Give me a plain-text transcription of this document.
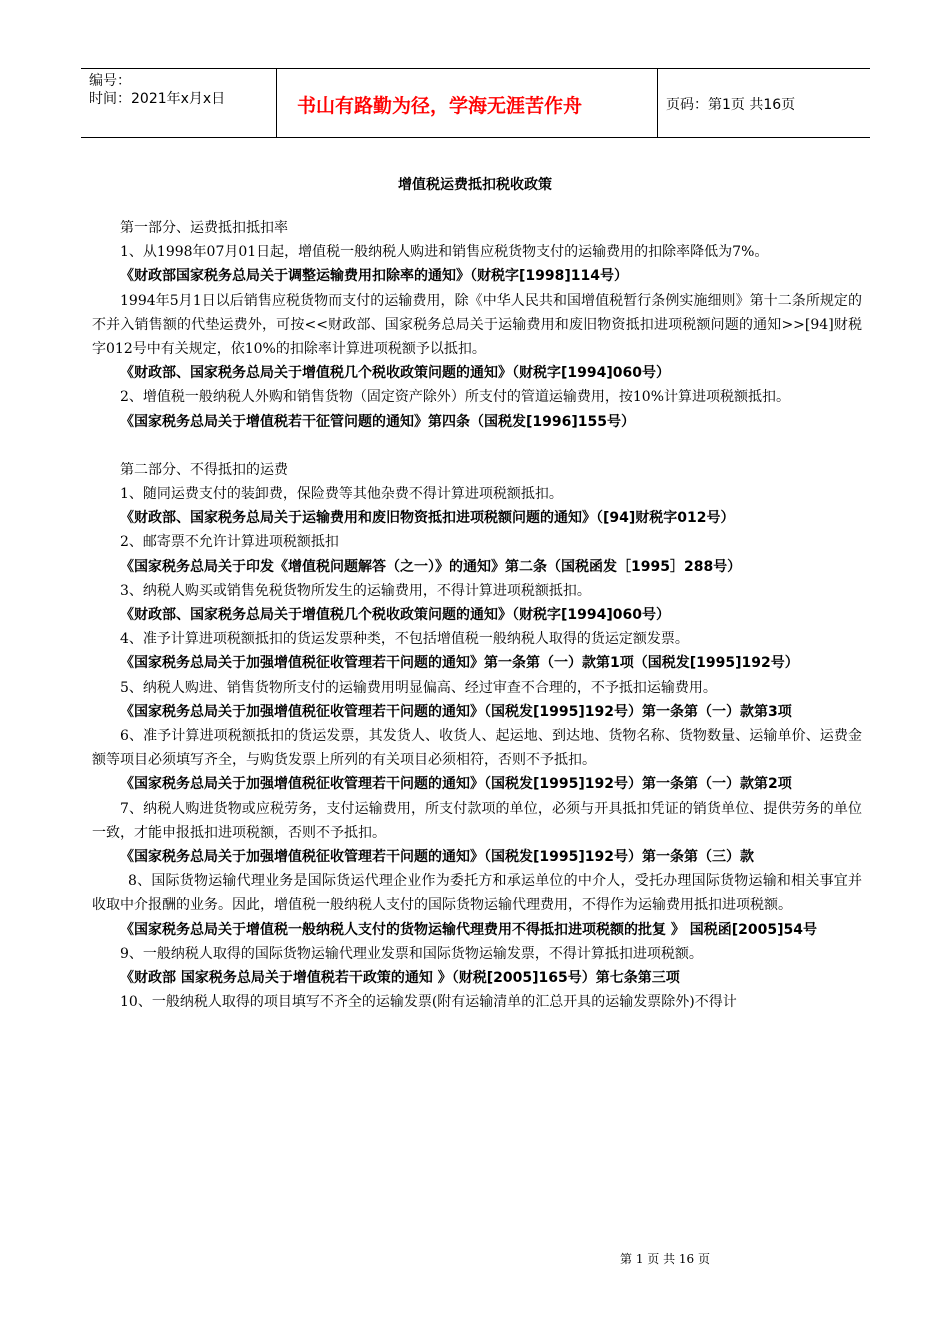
编号：
时间：2021年x月x日	书山有路勤为径，学海无涯苦作舟	页码：第1页 共16页
增值税运费抵扣税收政策

第一部分、运费抵扣抵扣率

1、从1998年07月01日起，增值税一般纳税人购进和销售应税货物支付的运输费用的扣除率降低为7%。

《财政部国家税务总局关于调整运输费用扣除率的通知》（财税字[1998]114号）

1994年5月1日以后销售应税货物而支付的运输费用，除《中华人民共和国增值税暂行条例实施细则》第十二条所规定的不并入销售额的代垫运费外，可按<<财政部、国家税务总局关于运输费用和废旧物资抵扣进项税额问题的通知>>[94]财税字012号中有关规定，依10%的扣除率计算进项税额予以抵扣。

《财政部、国家税务总局关于增值税几个税收政策问题的通知》（财税字[1994]060号）

2、增值税一般纳税人外购和销售货物（固定资产除外）所支付的管道运输费用，按10%计算进项税额抵扣。

《国家税务总局关于增值税若干征管问题的通知》第四条（国税发[1996]155号）

第二部分、不得抵扣的运费

1、随同运费支付的装卸费，保险费等其他杂费不得计算进项税额抵扣。

《财政部、国家税务总局关于运输费用和废旧物资抵扣进项税额问题的通知》（[94]财税字012号）

2、邮寄票不允许计算进项税额抵扣

《国家税务总局关于印发《增值税问题解答（之一）》的通知》第二条（国税函发［1995］288号）

3、纳税人购买或销售免税货物所发生的运输费用，不得计算进项税额抵扣。

《财政部、国家税务总局关于增值税几个税收政策问题的通知》（财税字[1994]060号）

4、准予计算进项税额抵扣的货运发票种类，不包括增值税一般纳税人取得的货运定额发票。

《国家税务总局关于加强增值税征收管理若干问题的通知》第一条第（一）款第1项（国税发[1995]192号）

5、纳税人购进、销售货物所支付的运输费用明显偏高、经过审查不合理的，不予抵扣运输费用。

《国家税务总局关于加强增值税征收管理若干问题的通知》（国税发[1995]192号）第一条第（一）款第3项

6、准予计算进项税额抵扣的货运发票，其发货人、收货人、起运地、到达地、货物名称、货物数量、运输单价、运费金额等项目必须填写齐全，与购货发票上所列的有关项目必须相符，否则不予抵扣。

《国家税务总局关于加强增值税征收管理若干问题的通知》（国税发[1995]192号）第一条第（一）款第2项

7、纳税人购进货物或应税劳务，支付运输费用，所支付款项的单位，必须与开具抵扣凭证的销货单位、提供劳务的单位一致，才能申报抵扣进项税额，否则不予抵扣。

《国家税务总局关于加强增值税征收管理若干问题的通知》（国税发[1995]192号）第一条第（三）款

8、国际货物运输代理业务是国际货运代理企业作为委托方和承运单位的中介人，受托办理国际货物运输和相关事宜并收取中介报酬的业务。因此，增值税一般纳税人支付的国际货物运输代理费用，不得作为运输费用抵扣进项税额。

《国家税务总局关于增值税一般纳税人支付的货物运输代理费用不得抵扣进项税额的批复 》 国税函[2005]54号

9、一般纳税人取得的国际货物运输代理业发票和国际货物运输发票，不得计算抵扣进项税额。

《财政部 国家税务总局关于增值税若干政策的通知 》（财税[2005]165号）第七条第三项

10、一般纳税人取得的项目填写不齐全的运输发票(附有运输清单的汇总开具的运输发票除外)不得计

第 1 页 共 16 页
